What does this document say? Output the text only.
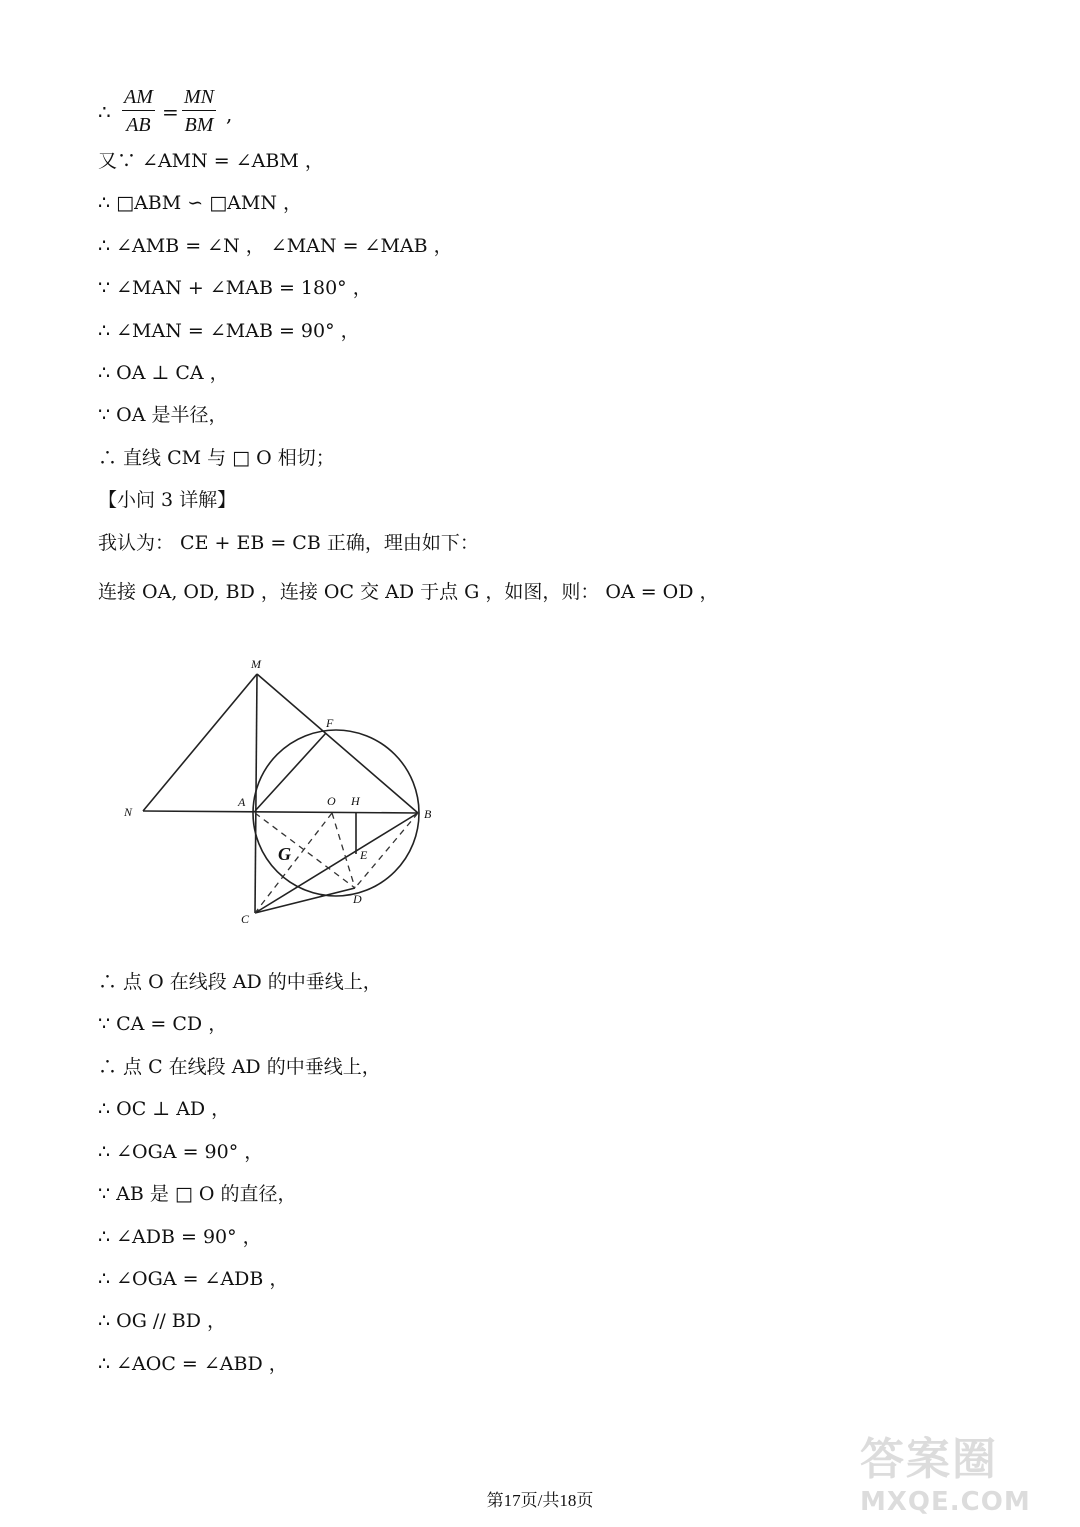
∴ $\frac{AM}{AB} = \frac{MN}{BM}$ ,
又∵ ∠AMN = ∠ABM ，
∴ □ABM ∽ □AMN ，
∴ ∠AMB = ∠N ， ∠MAN = ∠MAB ，
∵ ∠MAN + ∠MAB = 180° ，
∴ ∠MAN = ∠MAB = 90° ，
∴ OA ⊥ CA ，
∵ OA 是半径，
∴ 直线 CM 与 □ O 相切；
【小问 3 详解】
我认为： CE + EB = CB 正确，理由如下：
连接 OA, OD, BD ，连接 OC 交 AD 于点 G ，如图，则： OA = OD ，
M
F
N
A	O H
B
E
D
C
G
∴ 点 O 在线段 AD 的中垂线上，
∵ CA = CD ，
∴ 点 C 在线段 AD 的中垂线上，
∴ OC ⊥ AD ，
∴ ∠OGA = 90° ，
∵ AB 是 □ O 的直径，
∴ ∠ADB = 90° ，
∴ ∠OGA = ∠ADB ，
∴ OG // BD ，
∴ ∠AOC = ∠ABD ，
第17页/共18页
答案圈
MXQE.COM
